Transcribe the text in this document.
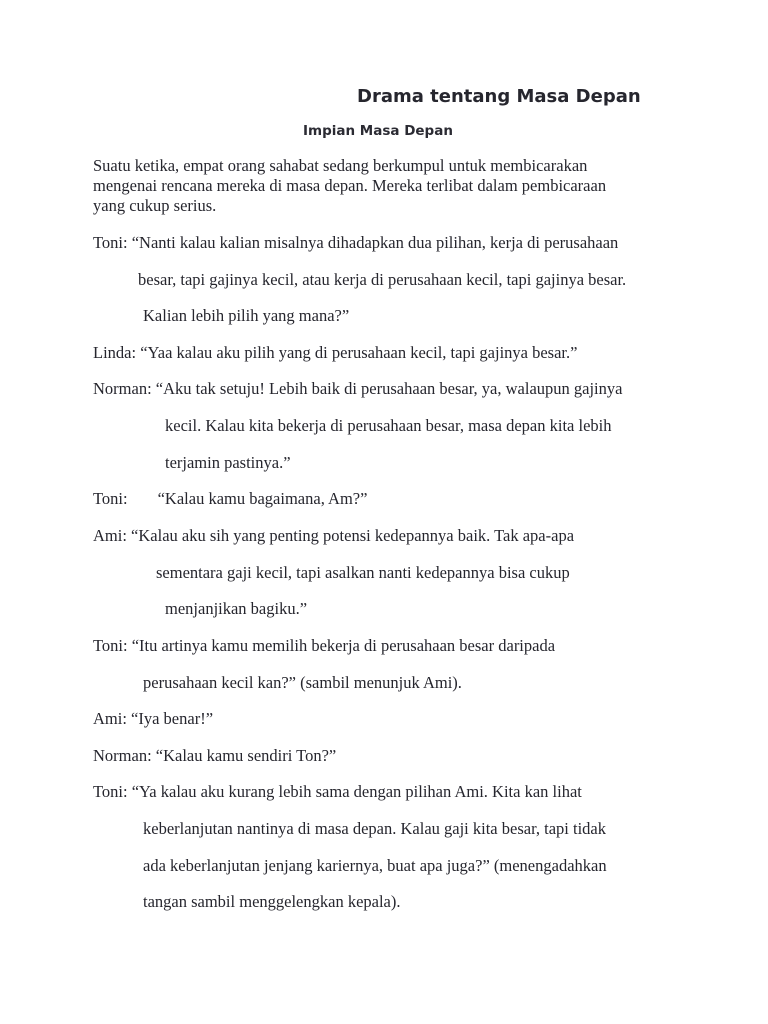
Drama tentang Masa Depan
Impian Masa Depan
Suatu ketika, empat orang sahabat sedang berkumpul untuk membicarakan
mengenai rencana mereka di masa depan. Mereka terlibat dalam pembicaraan
yang cukup serius.
Toni: “Nanti kalau kalian misalnya dihadapkan dua pilihan, kerja di perusahaan
besar, tapi gajinya kecil, atau kerja di perusahaan kecil, tapi gajinya besar.
Kalian lebih pilih yang mana?”
Linda: “Yaa kalau aku pilih yang di perusahaan kecil, tapi gajinya besar.”
Norman: “Aku tak setuju! Lebih baik di perusahaan besar, ya, walaupun gajinya
kecil. Kalau kita bekerja di perusahaan besar, masa depan kita lebih
terjamin pastinya.”
Toni: “Kalau kamu bagaimana, Am?”
Ami: “Kalau aku sih yang penting potensi kedepannya baik. Tak apa-apa
sementara gaji kecil, tapi asalkan nanti kedepannya bisa cukup
menjanjikan bagiku.”
Toni: “Itu artinya kamu memilih bekerja di perusahaan besar daripada
perusahaan kecil kan?” (sambil menunjuk Ami).
Ami: “Iya benar!”
Norman: “Kalau kamu sendiri Ton?”
Toni: “Ya kalau aku kurang lebih sama dengan pilihan Ami. Kita kan lihat
keberlanjutan nantinya di masa depan. Kalau gaji kita besar, tapi tidak
ada keberlanjutan jenjang kariernya, buat apa juga?” (menengadahkan
tangan sambil menggelengkan kepala).
